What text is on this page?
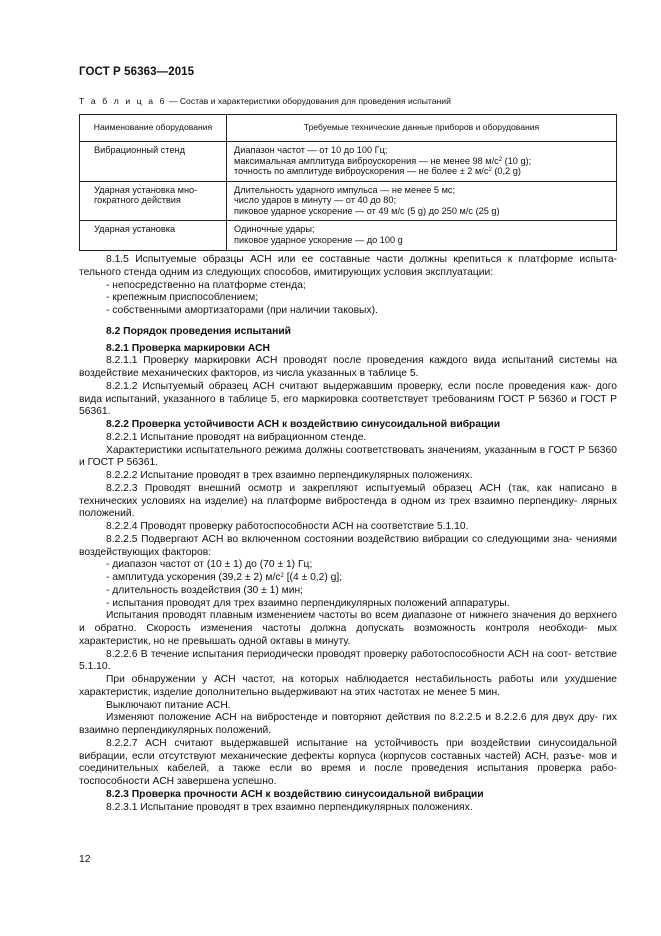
ГОСТ Р 56363—2015
Т а б л и ц а 6 — Состав и характеристики оборудования для проведения испытаний
Наименование оборудования	Требуемые технические данные приборов и оборудования

Вибрационный стенд	Диапазон частот — от 10 до 100 Гц;
максимальная амплитуда виброускорения — не менее 98 $м/с^2$ (10 g);
точность по амплитуде виброускорения — не более ± 2 $м/с^2$ (0,2 g)

Ударная установка мно-
гократного действия	Длительность ударного импульса — не менее 5 мс;
число ударов в минуту — от 40 до 80;
пиковое ударное ускорение — от 49 м/с (5 g) до 250 м/с (25 g)

Ударная установка	Одиночные удары;
пиковое ударное ускорение — до 100 g
8.1.5 Испытуемые образцы АСН или ее составные части должны крепиться к платформе испыта- тельного стенда одним из следующих способов, имитирующих условия эксплуатации:
- непосредственно на платформе стенда;
- крепежным приспособлением;
- собственными амортизаторами (при наличии таковых).
8.2 Порядок проведения испытаний
8.2.1 Проверка маркировки АСН
8.2.1.1 Проверку маркировки АСН проводят после проведения каждого вида испытаний системы на воздействие механических факторов, из числа указанных в таблице 5.
8.2.1.2 Испытуемый образец АСН считают выдержавшим проверку, если после проведения каж- дого вида испытаний, указанного в таблице 5, его маркировка соответствует требованиям ГОСТ Р 56360 и ГОСТ Р 56361.
8.2.2 Проверка устойчивости АСН к воздействию синусоидальной вибрации
8.2.2.1 Испытание проводят на вибрационном стенде.
Характеристики испытательного режима должны соответствовать значениям, указанным в ГОСТ Р 56360 и ГОСТ Р 56361.
8.2.2.2 Испытание проводят в трех взаимно перпендикулярных положениях.
8.2.2.3 Проводят внешний осмотр и закрепляют испытуемый образец АСН (так, как написано в технических условиях на изделие) на платформе вибростенда в одном из трех взаимно перпендику- лярных положений.
8.2.2.4 Проводят проверку работоспособности АСН на соответствие 5.1.10.
8.2.2.5 Подвергают АСН во включенном состоянии воздействию вибрации со следующими зна- чениями воздействующих факторов:
- диапазон частот от (10 ± 1) до (70 ± 1) Гц;
- амплитуда ускорения (39,2 ± 2) $м/с^2$ [(4 ± 0,2) g];
- длительность воздействия (30 ± 1) мин;
- испытания проводят для трех взаимно перпендикулярных положений аппаратуры.
Испытания проводят плавным изменением частоты во всем диапазоне от нижнего значения до верхнего и обратно. Скорость изменения частоты должна допускать возможность контроля необходи- мых характеристик, но не превышать одной октавы в минуту.
8.2.2.6 В течение испытания периодически проводят проверку работоспособности АСН на соот- ветствие 5.1.10.
При обнаружении у АСН частот, на которых наблюдается нестабильность работы или ухудшение характеристик, изделие дополнительно выдерживают на этих частотах не менее 5 мин.
Выключают питание АСН.
Изменяют положение АСН на вибростенде и повторяют действия по 8.2.2.5 и 8.2.2.6 для двух дру- гих взаимно перпендикулярных положений.
8.2.2.7 АСН считают выдержавшей испытание на устойчивость при воздействии синусоидальной вибрации, если отсутствуют механические дефекты корпуса (корпусов составных частей) АСН, разъе- мов и соединительных кабелей, а также если во время и после проведения испытания проверка рабо- тоспособности АСН завершена успешно.
8.2.3 Проверка прочности АСН к воздействию синусоидальной вибрации
8.2.3.1 Испытание проводят в трех взаимно перпендикулярных положениях.
12
